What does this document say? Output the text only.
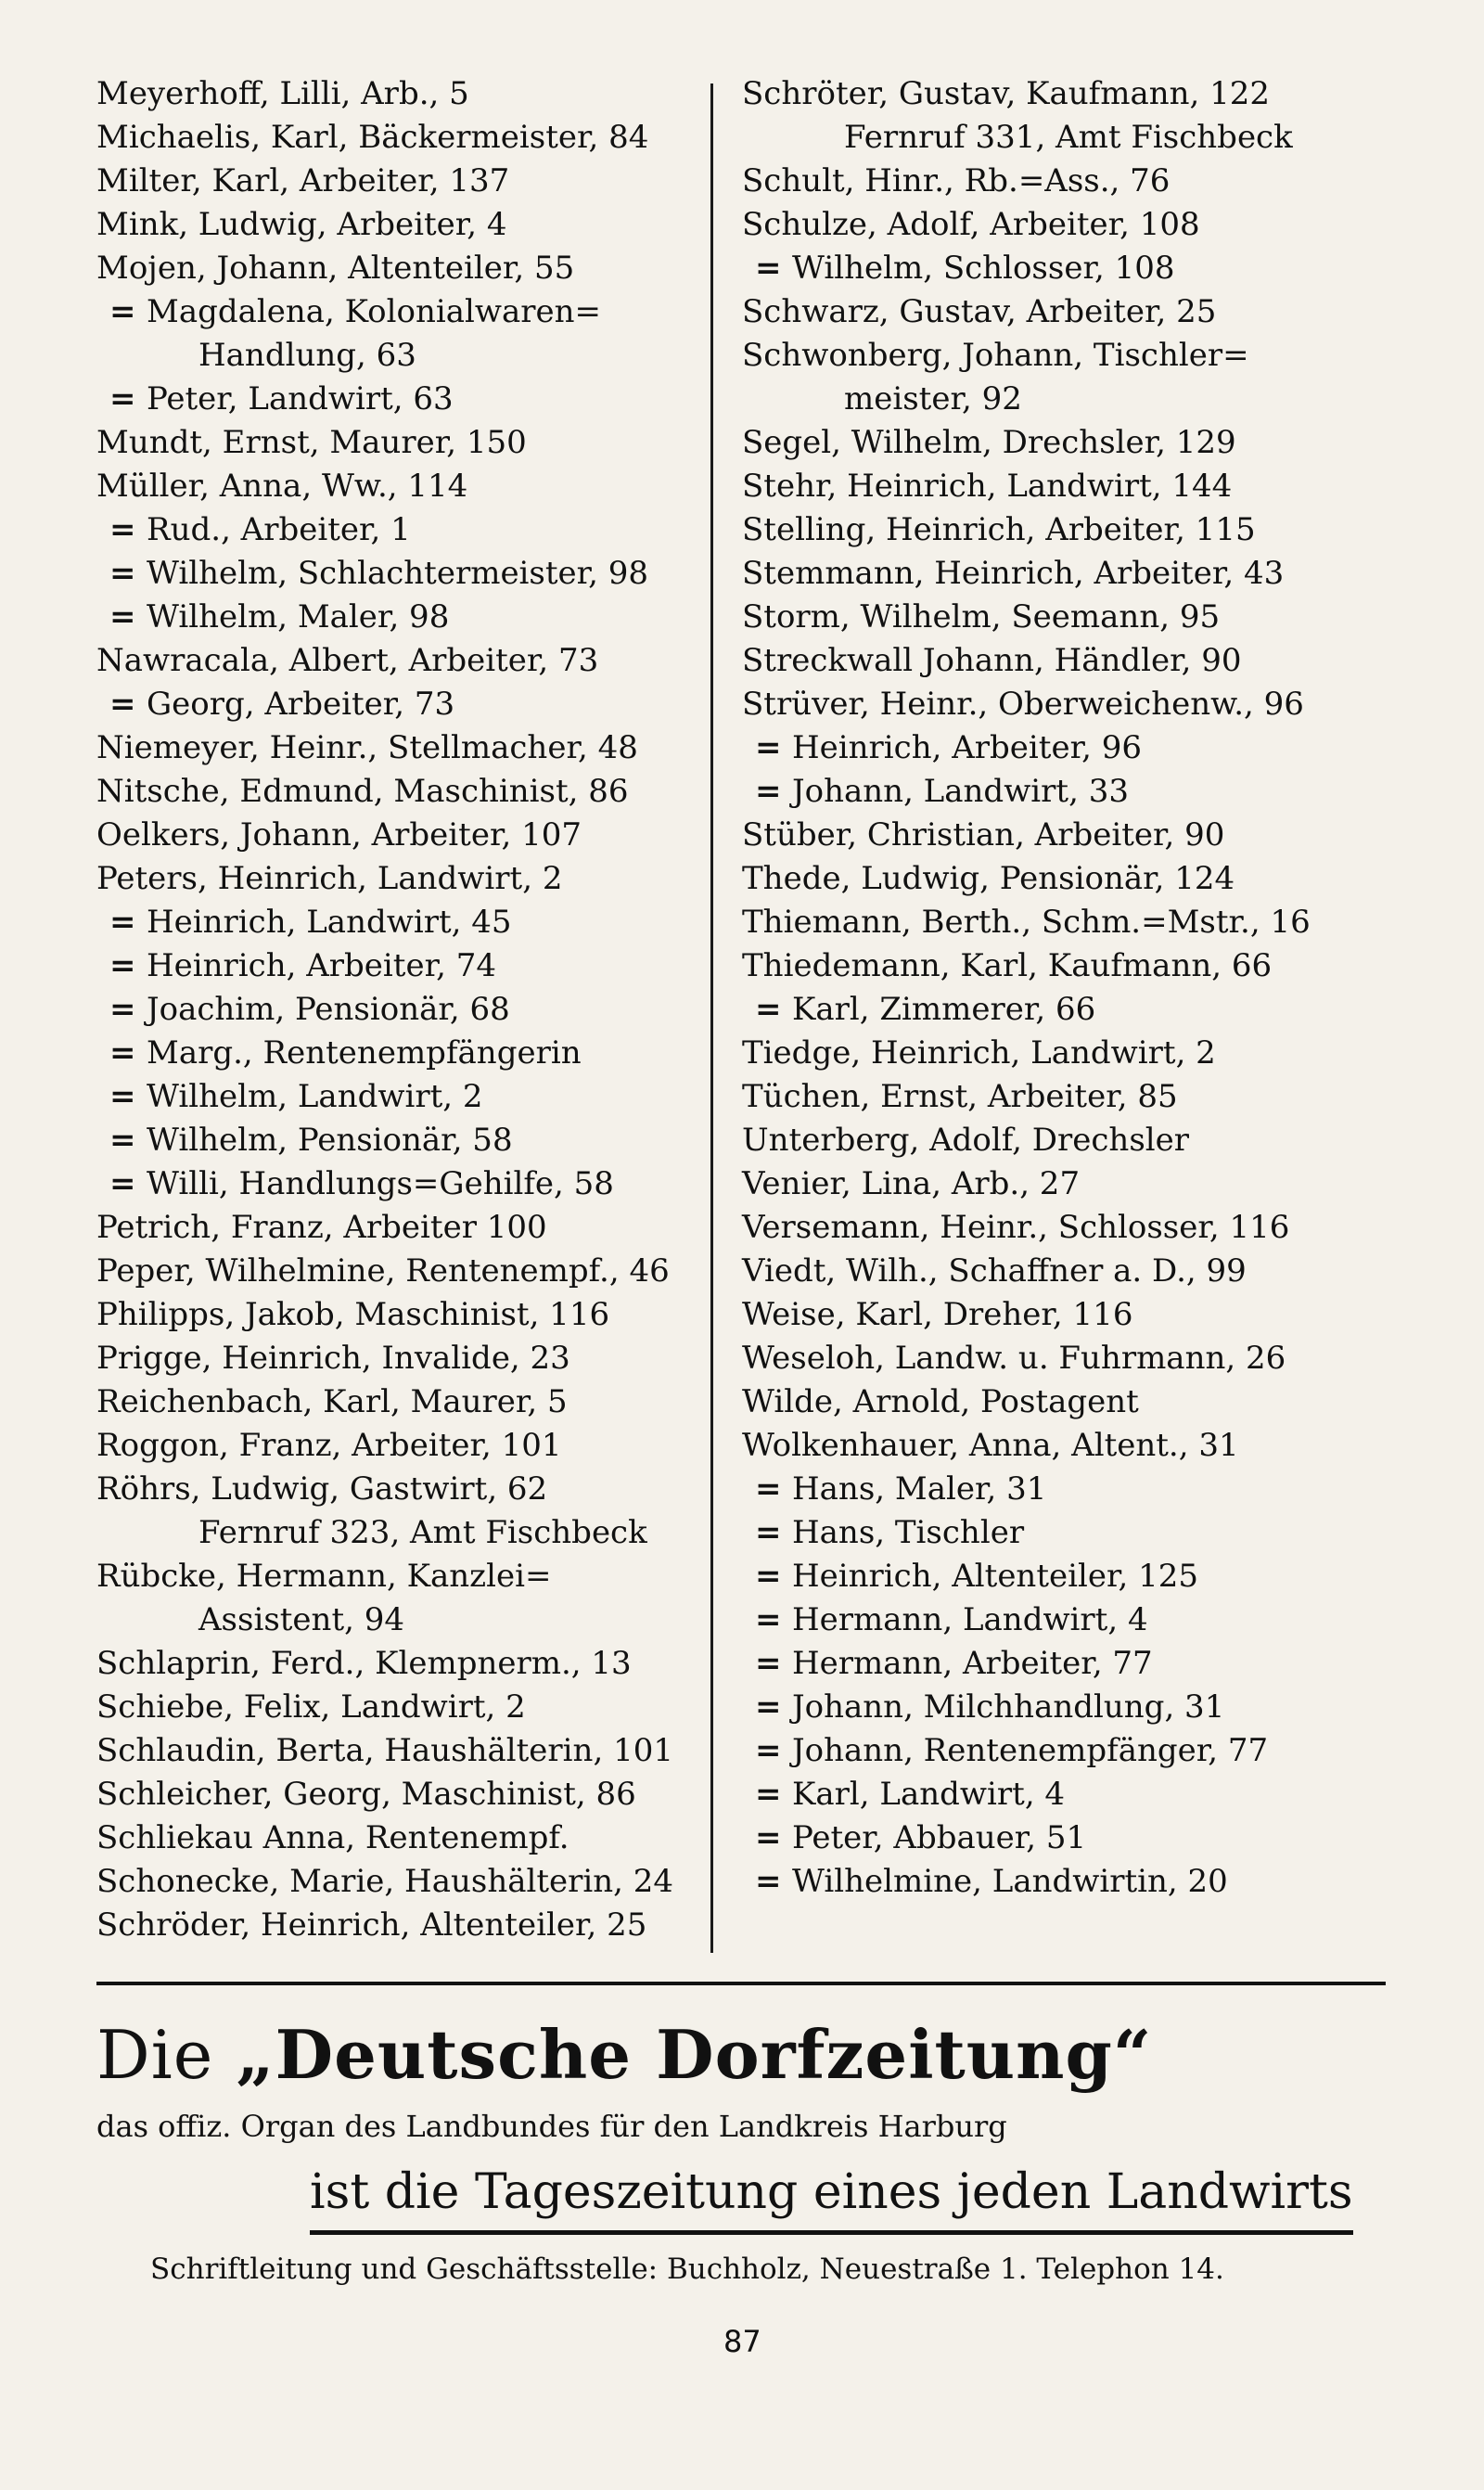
Meyerhoff, Lilli, Arb., 5
Michaelis, Karl, Bäckermeister, 84
Milter, Karl, Arbeiter, 137
Mink, Ludwig, Arbeiter, 4
Mojen, Johann, Altenteiler, 55
= Magdalena, Kolonialwaren=
Handlung, 63
= Peter, Landwirt, 63
Mundt, Ernst, Maurer, 150
Müller, Anna, Ww., 114
= Rud., Arbeiter, 1
= Wilhelm, Schlachtermeister, 98
= Wilhelm, Maler, 98
Nawracala, Albert, Arbeiter, 73
= Georg, Arbeiter, 73
Niemeyer, Heinr., Stellmacher, 48
Nitsche, Edmund, Maschinist, 86
Oelkers, Johann, Arbeiter, 107
Peters, Heinrich, Landwirt, 2
= Heinrich, Landwirt, 45
= Heinrich, Arbeiter, 74
= Joachim, Pensionär, 68
= Marg., Rentenempfängerin
= Wilhelm, Landwirt, 2
= Wilhelm, Pensionär, 58
= Willi, Handlungs=Gehilfe, 58
Petrich, Franz, Arbeiter 100
Peper, Wilhelmine, Rentenempf., 46
Philipps, Jakob, Maschinist, 116
Prigge, Heinrich, Invalide, 23
Reichenbach, Karl, Maurer, 5
Roggon, Franz, Arbeiter, 101
Röhrs, Ludwig, Gastwirt, 62
Fernruf 323, Amt Fischbeck
Rübcke, Hermann, Kanzlei=
Assistent, 94
Schlaprin, Ferd., Klempnerm., 13
Schiebe, Felix, Landwirt, 2
Schlaudin, Berta, Haushälterin, 101
Schleicher, Georg, Maschinist, 86
Schliekau Anna, Rentenempf.
Schonecke, Marie, Haushälterin, 24
Schröder, Heinrich, Altenteiler, 25
Schröter, Gustav, Kaufmann, 122
Fernruf 331, Amt Fischbeck
Schult, Hinr., Rb.=Ass., 76
Schulze, Adolf, Arbeiter, 108
= Wilhelm, Schlosser, 108
Schwarz, Gustav, Arbeiter, 25
Schwonberg, Johann, Tischler=
meister, 92
Segel, Wilhelm, Drechsler, 129
Stehr, Heinrich, Landwirt, 144
Stelling, Heinrich, Arbeiter, 115
Stemmann, Heinrich, Arbeiter, 43
Storm, Wilhelm, Seemann, 95
Streckwall Johann, Händler, 90
Strüver, Heinr., Oberweichenw., 96
= Heinrich, Arbeiter, 96
= Johann, Landwirt, 33
Stüber, Christian, Arbeiter, 90
Thede, Ludwig, Pensionär, 124
Thiemann, Berth., Schm.=Mstr., 16
Thiedemann, Karl, Kaufmann, 66
= Karl, Zimmerer, 66
Tiedge, Heinrich, Landwirt, 2
Tüchen, Ernst, Arbeiter, 85
Unterberg, Adolf, Drechsler
Venier, Lina, Arb., 27
Versemann, Heinr., Schlosser, 116
Viedt, Wilh., Schaffner a. D., 99
Weise, Karl, Dreher, 116
Weseloh, Landw. u. Fuhrmann, 26
Wilde, Arnold, Postagent
Wolkenhauer, Anna, Altent., 31
= Hans, Maler, 31
= Hans, Tischler
= Heinrich, Altenteiler, 125
= Hermann, Landwirt, 4
= Hermann, Arbeiter, 77
= Johann, Milchhandlung, 31
= Johann, Rentenempfänger, 77
= Karl, Landwirt, 4
= Peter, Abbauer, 51
= Wilhelmine, Landwirtin, 20
Die „Deutsche Dorfzeitung“
das offiz. Organ des Landbundes für den Landkreis Harburg
ist die Tageszeitung eines jeden Landwirts
Schriftleitung und Geschäftsstelle: Buchholz, Neuestraße 1. Telephon 14.
87
